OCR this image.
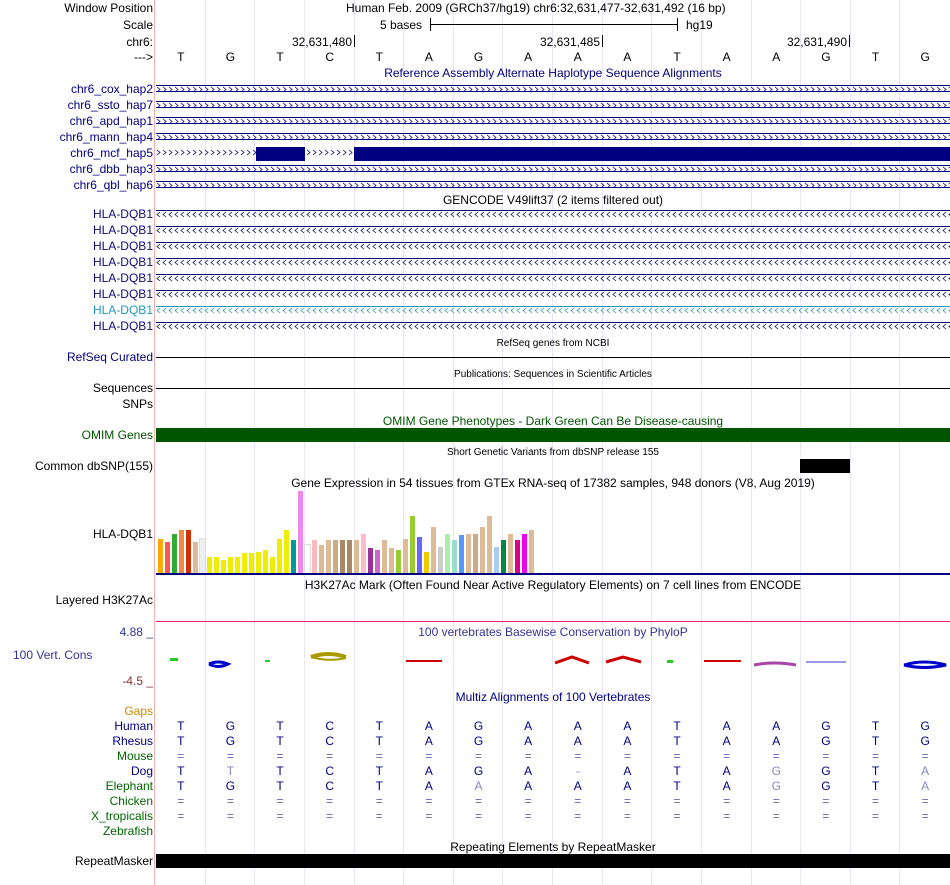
Window Position	Human Feb. 2009 (GRCh37/hg19) chr6:32,631,477-32,631,492 (16 bp)
Scale	5 bases	hg19
chr6:	32,631,480	32,631,485	32,631,490
--->	T	G	T	C	T	A	G	A	A	A	T	A	A	G	T	G
Reference Assembly Alternate Haplotype Sequence Alignments
chr6_cox_hap2
chr6_ssto_hap7
chr6_apd_hap1
chr6_mann_hap4
chr6_mcf_hap5
chr6_dbb_hap3
chr6_qbl_hap6
GENCODE V49lift37 (2 items filtered out)
HLA-DQB1
HLA-DQB1
HLA-DQB1
HLA-DQB1
HLA-DQB1
HLA-DQB1
HLA-DQB1
HLA-DQB1
RefSeq genes from NCBI
RefSeq Curated
Publications: Sequences in Scientific Articles
Sequences
SNPs
OMIM Gene Phenotypes - Dark Green Can Be Disease-causing
OMIM Genes
Short Genetic Variants from dbSNP release 155
Common dbSNP(155)
Gene Expression in 54 tissues from GTEx RNA-seq of 17382 samples, 948 donors (V8, Aug 2019)
HLA-DQB1
H3K27Ac Mark (Often Found Near Active Regulatory Elements) on 7 cell lines from ENCODE
Layered H3K27Ac
100 vertebrates Basewise Conservation by PhyloP
4.88 _
100 Vert. Cons
-4.5 _
Multiz Alignments of 100 Vertebrates
Gaps
Human	T	G	T	C	T	A	G	A	A	A	T	A	A	G	T	G
Rhesus	T	G	T	C	T	A	G	A	A	A	T	A	A	G	T	G
Mouse	=	=	=	=	=	=	=	=	=	=	=	=	=	=	=	=
Dog	T	T	T	C	T	A	G	A	-	A	T	A	G	G	T	A
Elephant	T	G	T	C	T	A	A	A	A	A	T	A	G	G	T	A
Chicken	=	=	=	=	=	=	=	=	=	=	=	=	=	=	=	=
X_tropicalis	=	=	=	=	=	=	=	=	=	=	=	=	=	=	=	=
Zebrafish
Repeating Elements by RepeatMasker
RepeatMasker
